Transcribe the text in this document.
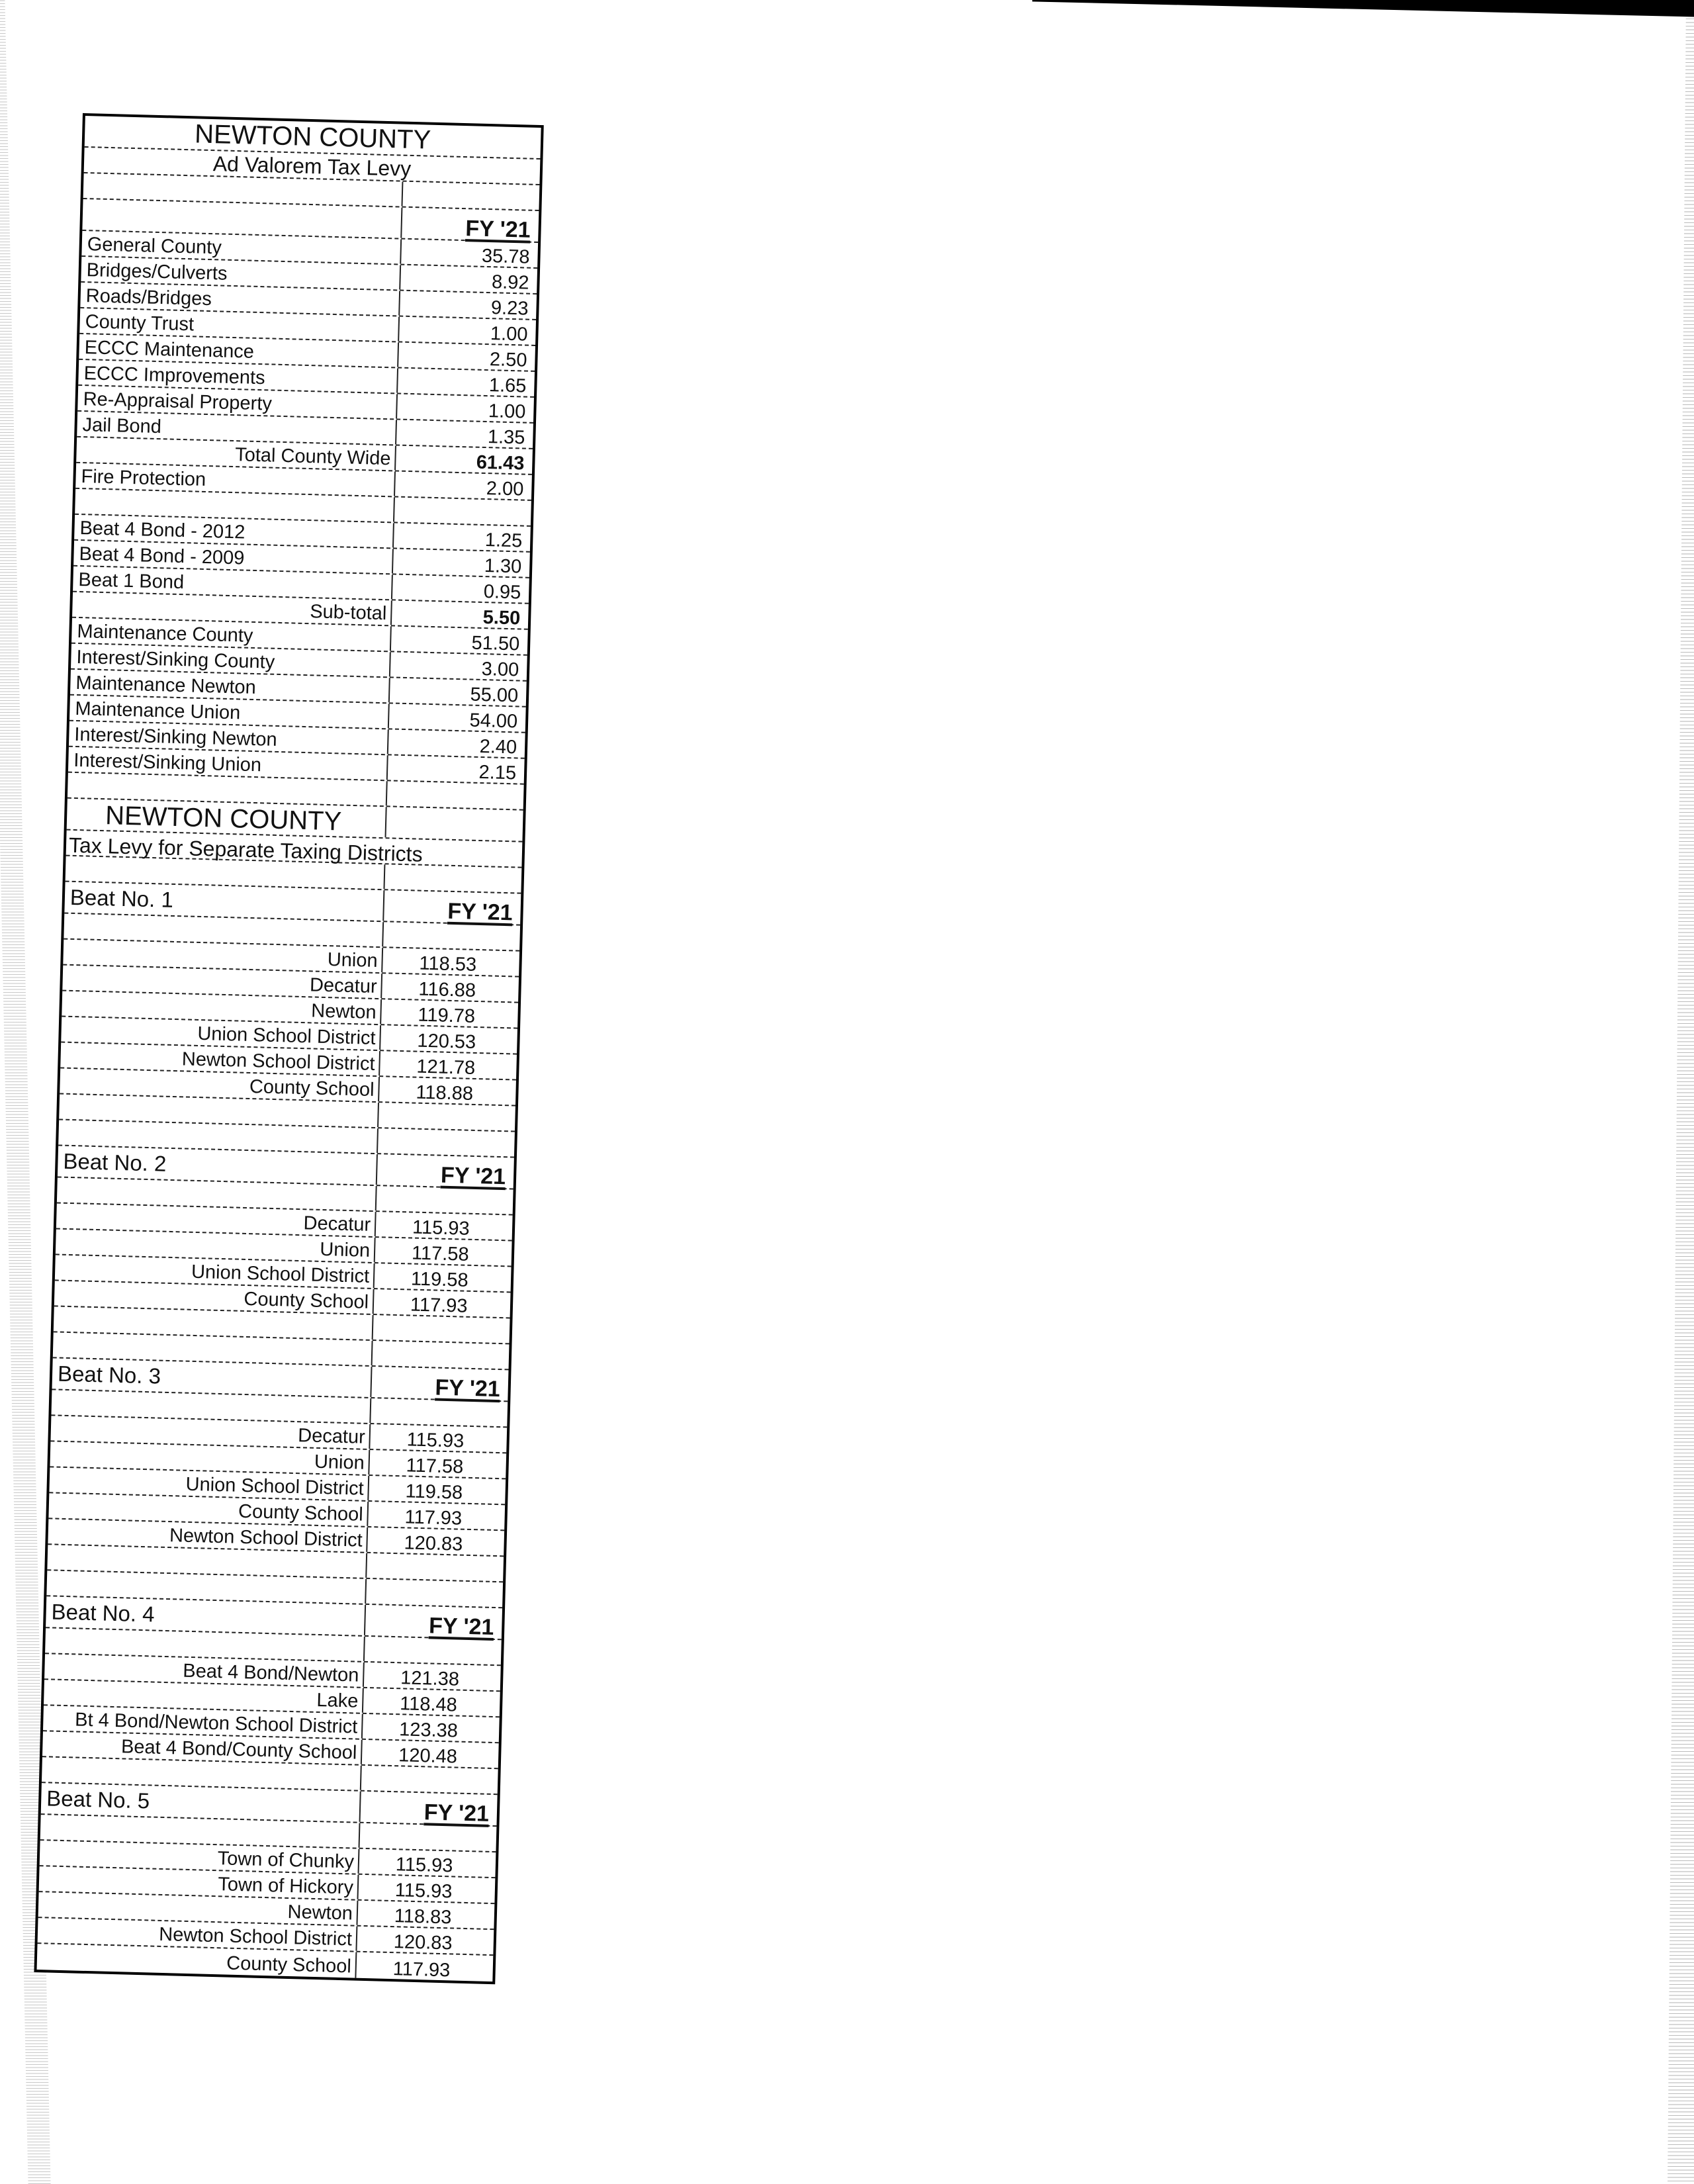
NEWTON COUNTY
Ad Valorem Tax Levy
FY '21
General County	35.78
Bridges/Culverts	8.92
Roads/Bridges	9.23
County Trust	1.00
ECCC Maintenance	2.50
ECCC Improvements	1.65
Re-Appraisal Property	1.00
Jail Bond	1.35
Total County Wide	61.43
Fire Protection	2.00
Beat 4 Bond - 2012	1.25
Beat 4 Bond - 2009	1.30
Beat 1 Bond	0.95
Sub-total	5.50
Maintenance County	51.50
Interest/Sinking County	3.00
Maintenance Newton	55.00
Maintenance Union	54.00
Interest/Sinking Newton	2.40
Interest/Sinking Union	2.15
NEWTON COUNTY
Tax Levy for Separate Taxing Districts
Beat No. 1
FY '21
Union	118.53
Decatur	116.88
Newton	119.78
Union School District	120.53
Newton School District	121.78
County School	118.88
Beat No. 2
FY '21
Decatur	115.93
Union	117.58
Union School District	119.58
County School	117.93
Beat No. 3
FY '21
Decatur	115.93
Union	117.58
Union School District	119.58
County School	117.93
Newton School District	120.83
Beat No. 4
FY '21
Beat 4 Bond/Newton	121.38
Lake	118.48
Bt 4 Bond/Newton School District	123.38
Beat 4 Bond/County School	120.48
Beat No. 5
FY '21
Town of Chunky	115.93
Town of Hickory	115.93
Newton	118.83
Newton School District	120.83
County School	117.93
